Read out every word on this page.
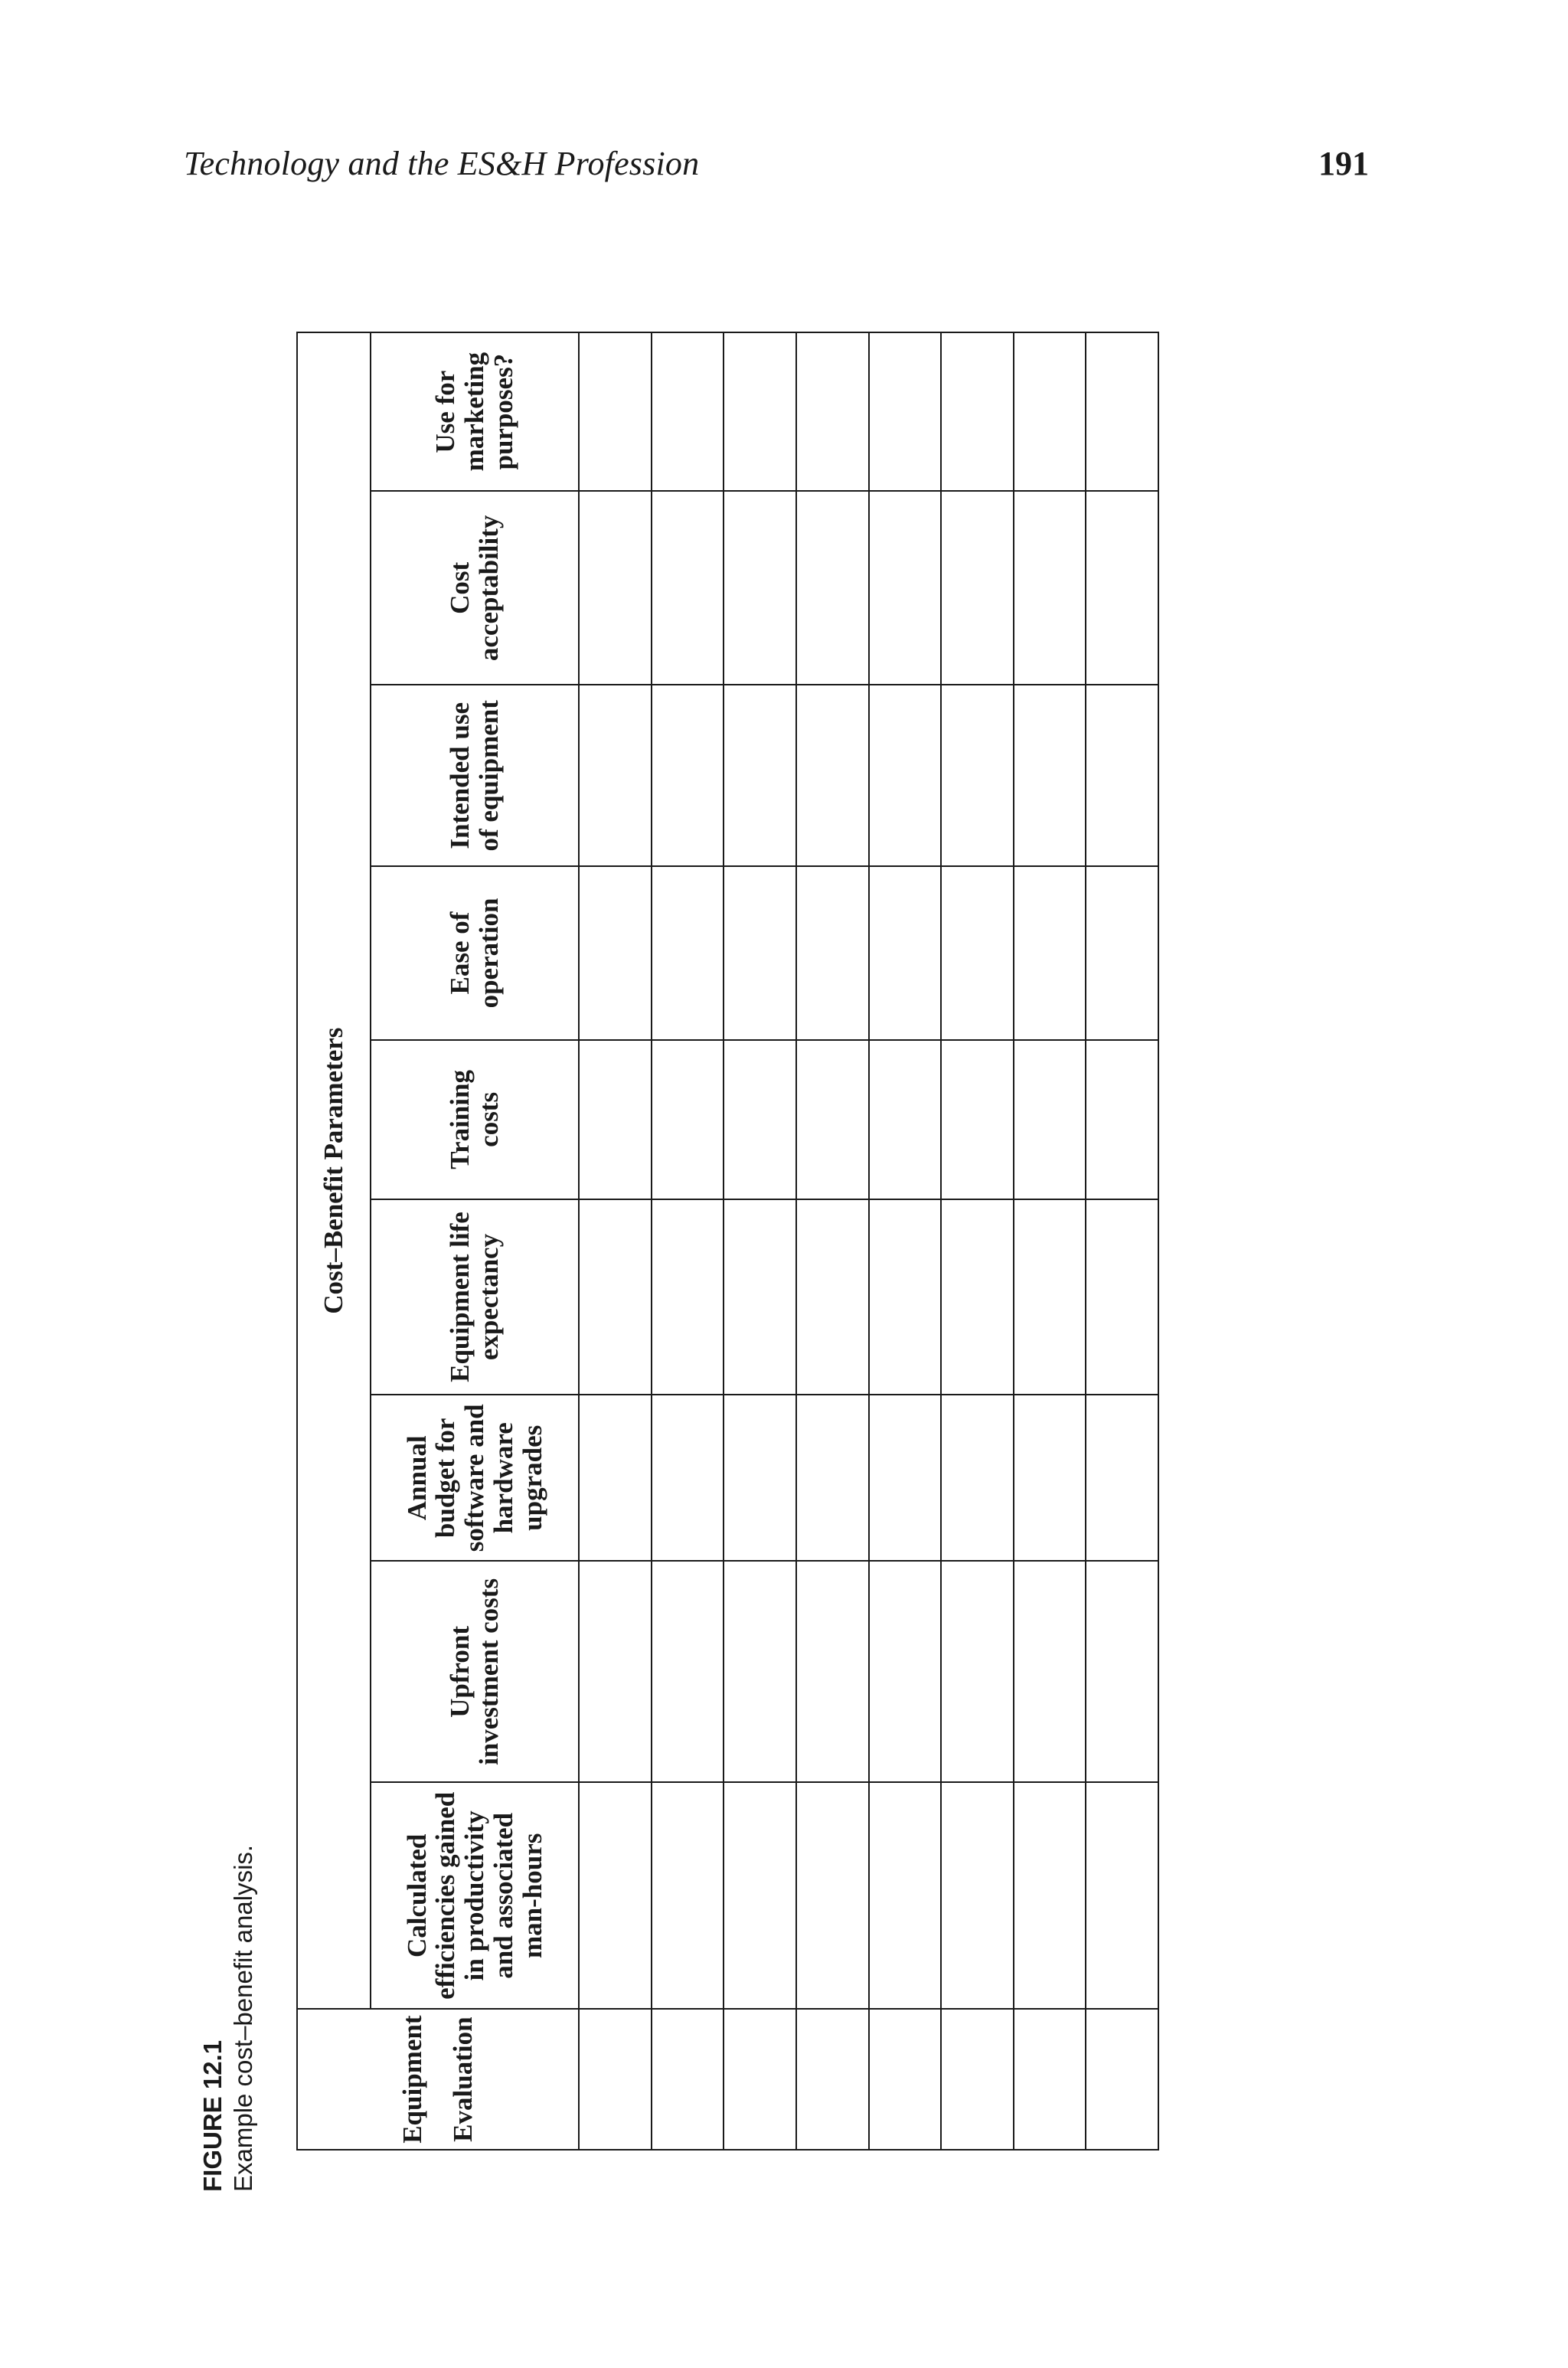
Technology and the ES&H Profession	191
Equipment Evaluation	Cost–Benefit Parameters								
	Calculated efficiencies gained in productivity and associated man-hours	Upfront investment costs	Annual budget for software and hardware upgrades	Equipment life expectancy	Training costs	Ease of operation	Intended use of equipment	Cost acceptability	Use for marketing purposes?

FIGURE 12.1 Example cost–benefit analysis.
